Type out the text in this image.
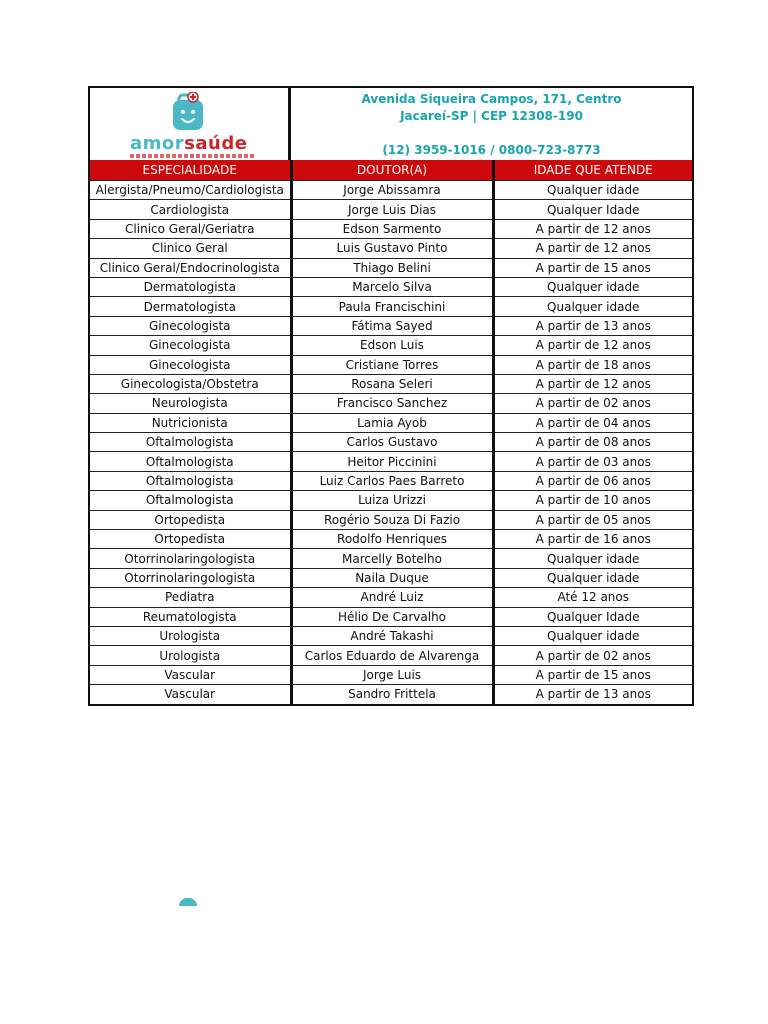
amorsaúde
Avenida Siqueira Campos, 171, Centro
Jacareí-SP | CEP 12308-190
(12) 3959-1016 / 0800-723-8773
ESPECIALIDADE	DOUTOR(A)	IDADE QUE ATENDE
Alergista/Pneumo/Cardiologista	Jorge Abissamra	Qualquer idade
Cardiologista	Jorge Luis Dias	Qualquer Idade
Clinico Geral/Geriatra	Edson Sarmento	A partir de 12 anos
Clinico Geral	Luis Gustavo Pinto	A partir de 12 anos
Clinico Geral/Endocrinologista	Thiago Belini	A partir de 15 anos
Dermatologista	Marcelo Silva	Qualquer idade
Dermatologista	Paula Francischini	Qualquer idade
Ginecologista	Fátima Sayed	A partir de 13 anos
Ginecologista	Edson Luis	A partir de 12 anos
Ginecologista	Cristiane Torres	A partir de 18 anos
Ginecologista/Obstetra	Rosana Seleri	A partir de 12 anos
Neurologista	Francisco Sanchez	A partir de 02 anos
Nutricionista	Lamia Ayob	A partir de 04 anos
Oftalmologista	Carlos Gustavo	A partir de 08 anos
Oftalmologista	Heitor Piccinini	A partir de 03 anos
Oftalmologista	Luiz Carlos Paes Barreto	A partir de 06 anos
Oftalmologista	Luiza Urizzi	A partir de 10 anos
Ortopedista	Rogério Souza Di Fazio	A partir de 05 anos
Ortopedista	Rodolfo Henriques	A partir de 16 anos
Otorrinolaringologista	Marcelly Botelho	Qualquer idade
Otorrinolaringologista	Naila Duque	Qualquer idade
Pediatra	André Luiz	Até 12 anos
Reumatologista	Hélio De Carvalho	Qualquer Idade
Urologista	André Takashi	Qualquer idade
Urologista	Carlos Eduardo de Alvarenga	A partir de 02 anos
Vascular	Jorge Luis	A partir de 15 anos
Vascular	Sandro Frittela	A partir de 13 anos
